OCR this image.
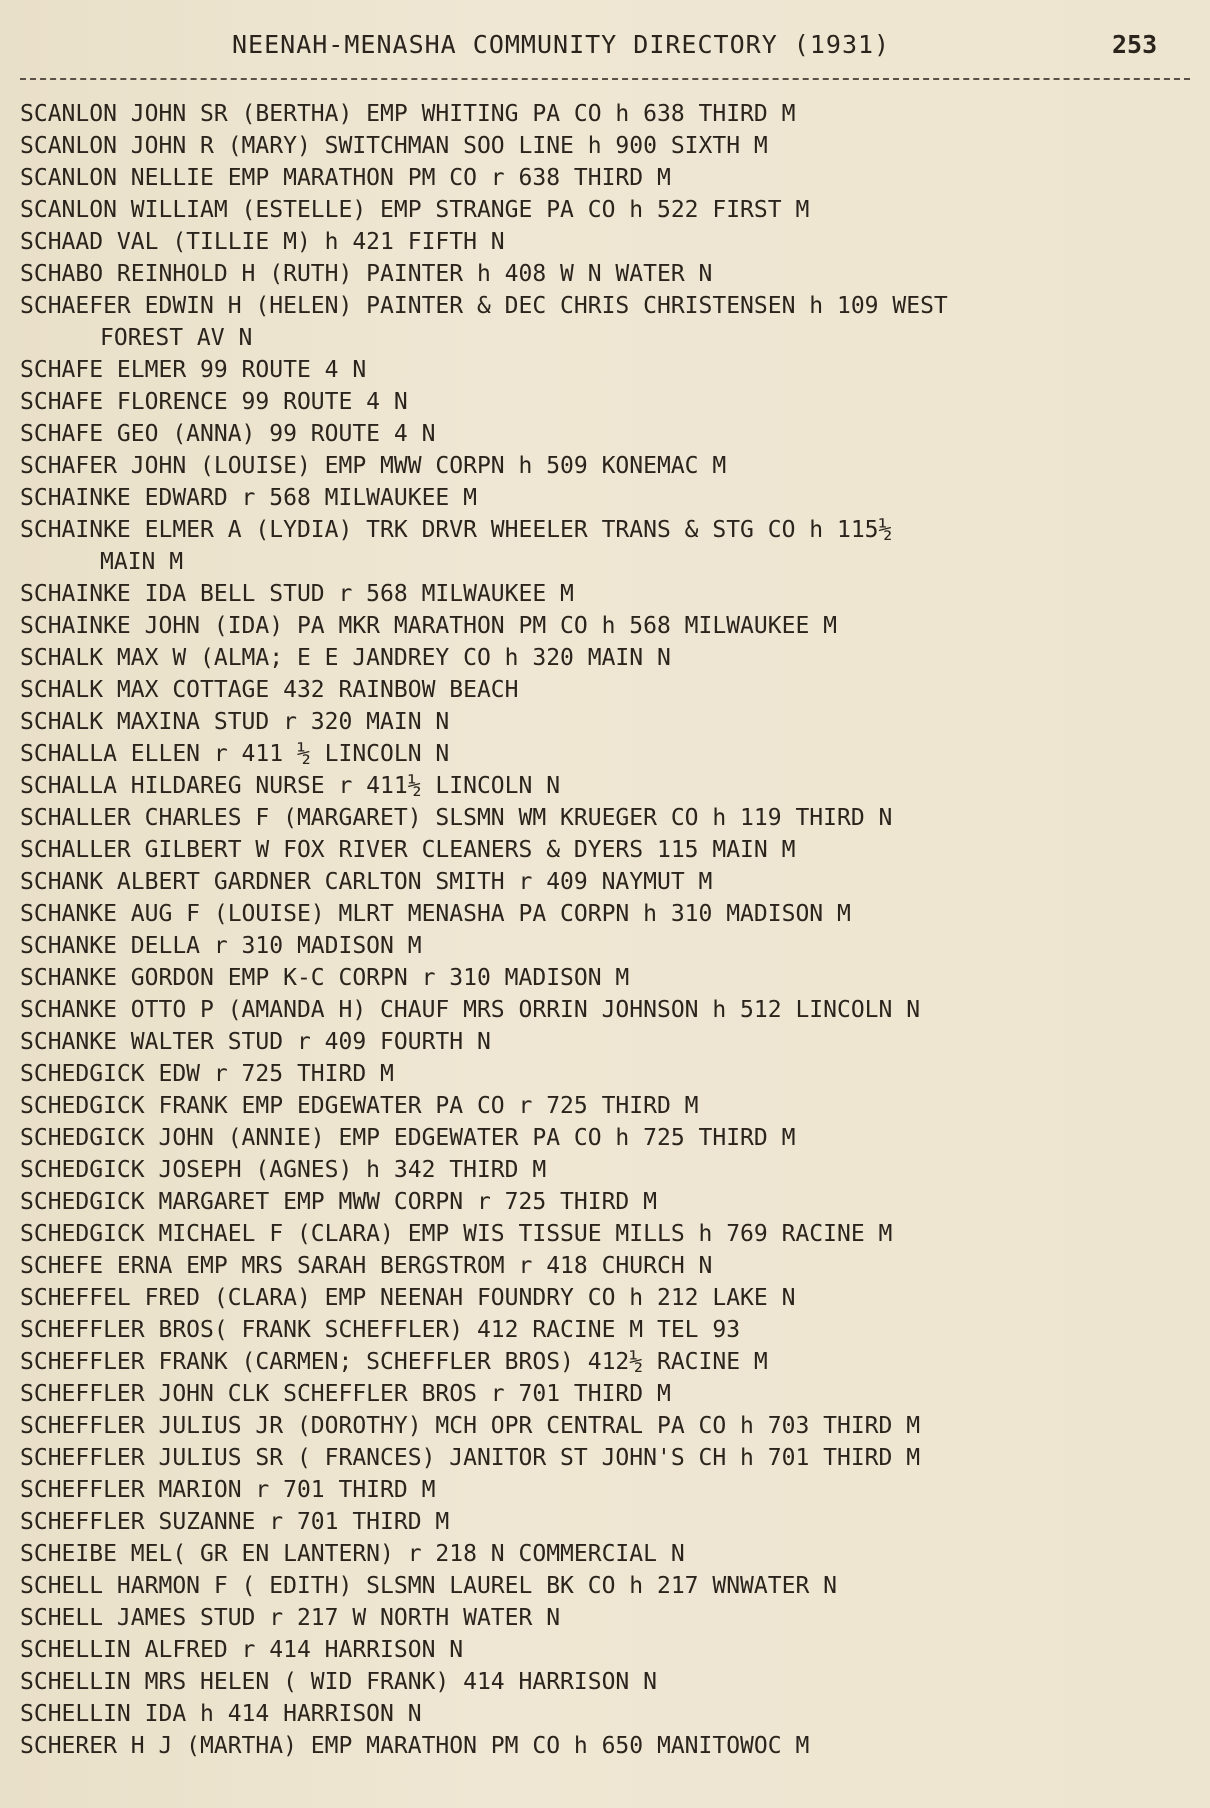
NEENAH-MENASHA COMMUNITY DIRECTORY (1931)	253
SCANLON JOHN SR (BERTHA) EMP WHITING PA CO h 638 THIRD M
SCANLON JOHN R (MARY) SWITCHMAN SOO LINE h 900 SIXTH M
SCANLON NELLIE EMP MARATHON PM CO r 638 THIRD M
SCANLON WILLIAM (ESTELLE) EMP STRANGE PA CO h 522 FIRST M
SCHAAD VAL (TILLIE M) h 421 FIFTH N
SCHABO REINHOLD H (RUTH) PAINTER h 408 W N WATER N
SCHAEFER EDWIN H (HELEN) PAINTER & DEC CHRIS CHRISTENSEN h 109 WEST
FOREST AV N
SCHAFE ELMER 99 ROUTE 4 N
SCHAFE FLORENCE 99 ROUTE 4 N
SCHAFE GEO (ANNA) 99 ROUTE 4 N
SCHAFER JOHN (LOUISE) EMP MWW CORPN h 509 KONEMAC M
SCHAINKE EDWARD r 568 MILWAUKEE M
SCHAINKE ELMER A (LYDIA) TRK DRVR WHEELER TRANS & STG CO h 115½
MAIN M
SCHAINKE IDA BELL STUD r 568 MILWAUKEE M
SCHAINKE JOHN (IDA) PA MKR MARATHON PM CO h 568 MILWAUKEE M
SCHALK MAX W (ALMA; E E JANDREY CO h 320 MAIN N
SCHALK MAX COTTAGE 432 RAINBOW BEACH
SCHALK MAXINA STUD r 320 MAIN N
SCHALLA ELLEN r 411 ½ LINCOLN N
SCHALLA HILDAREG NURSE r 411½ LINCOLN N
SCHALLER CHARLES F (MARGARET) SLSMN WM KRUEGER CO h 119 THIRD N
SCHALLER GILBERT W FOX RIVER CLEANERS & DYERS 115 MAIN M
SCHANK ALBERT GARDNER CARLTON SMITH r 409 NAYMUT M
SCHANKE AUG F (LOUISE) MLRT MENASHA PA CORPN h 310 MADISON M
SCHANKE DELLA r 310 MADISON M
SCHANKE GORDON EMP K-C CORPN r 310 MADISON M
SCHANKE OTTO P (AMANDA H) CHAUF MRS ORRIN JOHNSON h 512 LINCOLN N
SCHANKE WALTER STUD r 409 FOURTH N
SCHEDGICK EDW r 725 THIRD M
SCHEDGICK FRANK EMP EDGEWATER PA CO r 725 THIRD M
SCHEDGICK JOHN (ANNIE) EMP EDGEWATER PA CO h 725 THIRD M
SCHEDGICK JOSEPH (AGNES) h 342 THIRD M
SCHEDGICK MARGARET EMP MWW CORPN r 725 THIRD M
SCHEDGICK MICHAEL F (CLARA) EMP WIS TISSUE MILLS h 769 RACINE M
SCHEFE ERNA EMP MRS SARAH BERGSTROM r 418 CHURCH N
SCHEFFEL FRED (CLARA) EMP NEENAH FOUNDRY CO h 212 LAKE N
SCHEFFLER BROS( FRANK SCHEFFLER) 412 RACINE M TEL 93
SCHEFFLER FRANK (CARMEN; SCHEFFLER BROS) 412½ RACINE M
SCHEFFLER JOHN CLK SCHEFFLER BROS r 701 THIRD M
SCHEFFLER JULIUS JR (DOROTHY) MCH OPR CENTRAL PA CO h 703 THIRD M
SCHEFFLER JULIUS SR ( FRANCES) JANITOR ST JOHN'S CH h 701 THIRD M
SCHEFFLER MARION r 701 THIRD M
SCHEFFLER SUZANNE r 701 THIRD M
SCHEIBE MEL( GR EN LANTERN) r 218 N COMMERCIAL N
SCHELL HARMON F ( EDITH) SLSMN LAUREL BK CO h 217 WNWATER N
SCHELL JAMES STUD r 217 W NORTH WATER N
SCHELLIN ALFRED r 414 HARRISON N
SCHELLIN MRS HELEN ( WID FRANK) 414 HARRISON N
SCHELLIN IDA h 414 HARRISON N
SCHERER H J (MARTHA) EMP MARATHON PM CO h 650 MANITOWOC M
